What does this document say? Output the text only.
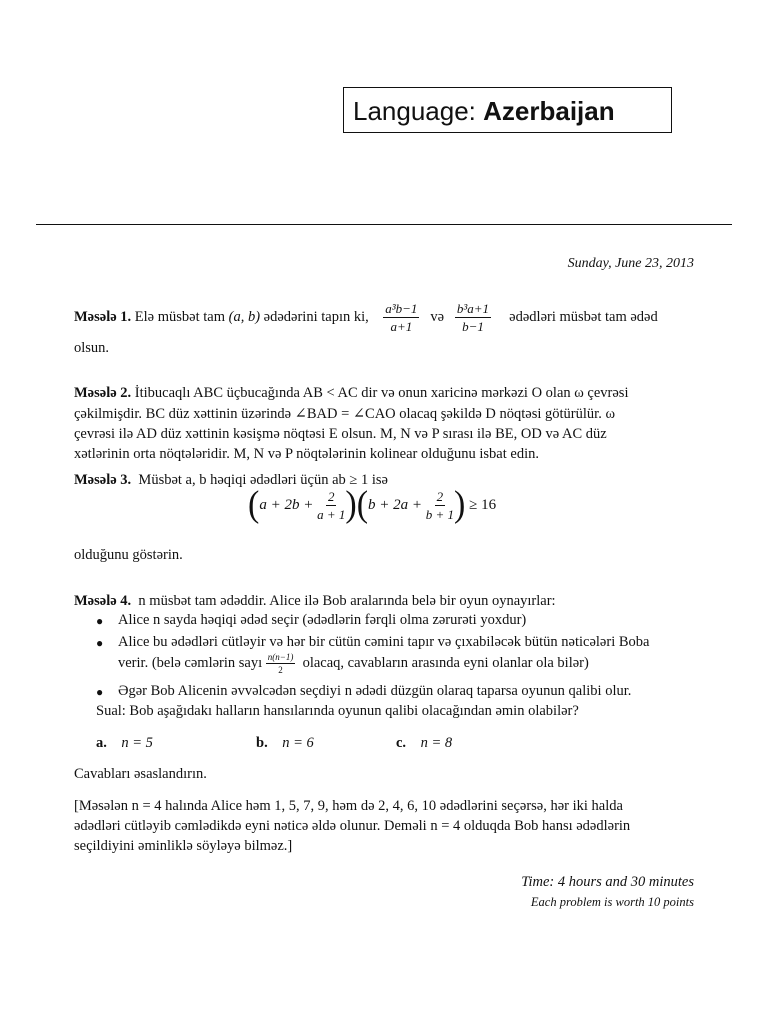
Language: Azerbaijan
Sunday, June 23, 2013
Məsələ 1.
Elə müsbət tam
(a, b)
ədədərini tapın ki,
$\frac{\text{a³b−1}}{a+1}$
və
$\frac{\text{b³a+1}}{b-1}$
ədədləri müsbət tam ədəd
olsun.
Məsələ 2. İtibucaqlı ABC üçbucağında AB < AC dir və onun xaricinə mərkəzi O olan ω çevrəsi
çəkilmişdir. BC düz xəttinin üzərində ∠BAD = ∠CAO olacaq şəkildə D nöqtəsi götürülür. ω
çevrəsi ilə AD düz xəttinin kəsişmə nöqtəsi E olsun. M, N və P sırası ilə BE, OD və AC düz
xətlərinin orta nöqtələridir. M, N və P nöqtələrinin kolinear olduğunu isbat edin.
Məsələ 3. Müsbət a, b həqiqi ədədləri üçün ab ≥ 1 isə
( a + 2b +
$\frac{2}{a + 1}$ ) ( b + 2a +
$\frac{2}{b + 1}$ )
≥ 16
olduğunu göstərin.
Məsələ 4. n müsbət tam ədəddir. Alice ilə Bob aralarında belə bir oyun oynayırlar:
● Alice n sayda həqiqi ədəd seçir (ədədlərin fərqli olma zərurəti yoxdur)
● Alice bu ədədləri cütləyir və hər bir cütün cəmini tapır və çıxabiləcək bütün nəticələri Boba
verir. (belə cəmlərin sayı
$\frac{n(n-1)}{2}$
olacaq, cavabların arasında eyni olanlar ola bilər)
● Əgər Bob Alicenin əvvəlcədən seçdiyi n ədədi düzgün olaraq taparsa oyunun qalibi olur.
Sual: Bob aşağıdakı halların hansılarında oyunun qalibi olacağından əmin olabilər?
a. n = 5	b. n = 6	c. n = 8
Cavabları əsaslandırın.
[Məsələn n = 4 halında Alice həm 1, 5, 7, 9, həm də 2, 4, 6, 10 ədədlərini seçərsə, hər iki halda
ədədləri cütləyib cəmlədikdə eyni nəticə əldə olunur. Deməli n = 4 olduqda Bob hansı ədədlərin
seçildiyini əminliklə söyləyə bilməz.]
Time: 4 hours and 30 minutes
Each problem is worth 10 points
